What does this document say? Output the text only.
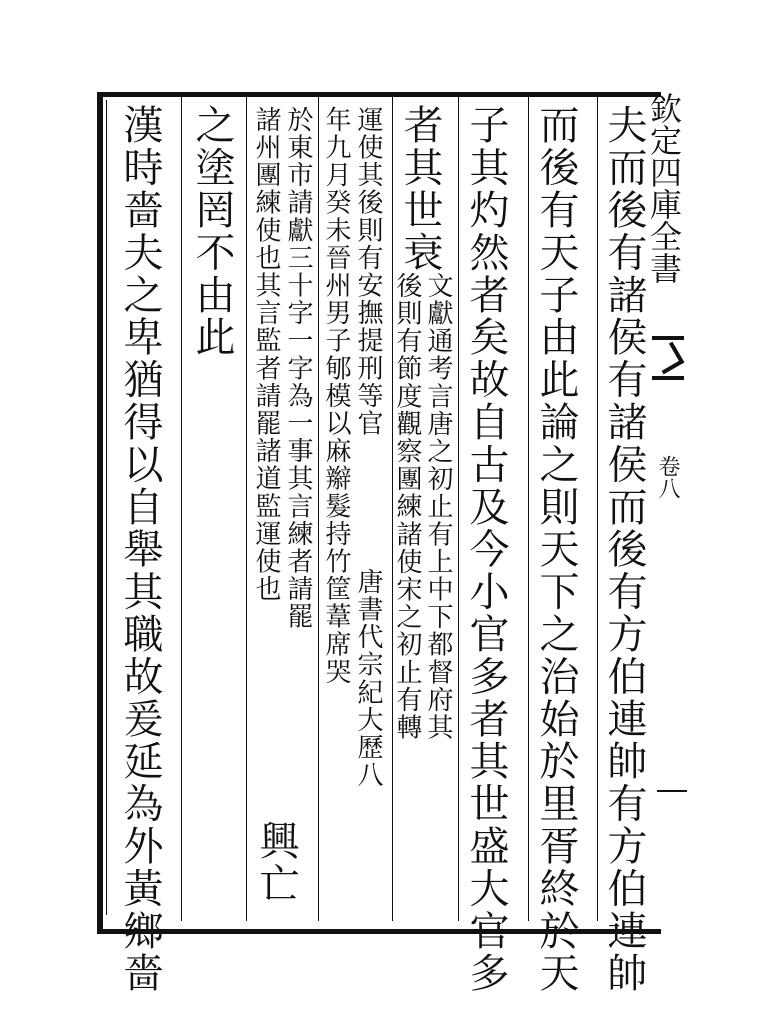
欽定四庫全書
卷八
夫而後有諸侯有諸侯而後有方伯連帥有方伯連帥
而後有天子由此論之則天下之治始於里胥終於天
子其灼然者矣故自古及今小官多者其世盛大官多
者其世衰
文獻通考言唐之初止有上中下都督府其
後則有節度觀察團練諸使宋之初止有轉
運使其後則有安撫提刑等官
唐書代宗紀大歷八
年九月癸未晉州男子郇模以麻辮髮持竹筐葦席哭
於東市請獻三十字一字為一事其言練者請罷
諸州團練使也其言監者請罷諸道監運使也
興亡
之塗罔不由此
漢時嗇夫之卑猶得以自舉其職故爰延為外黃鄉嗇
